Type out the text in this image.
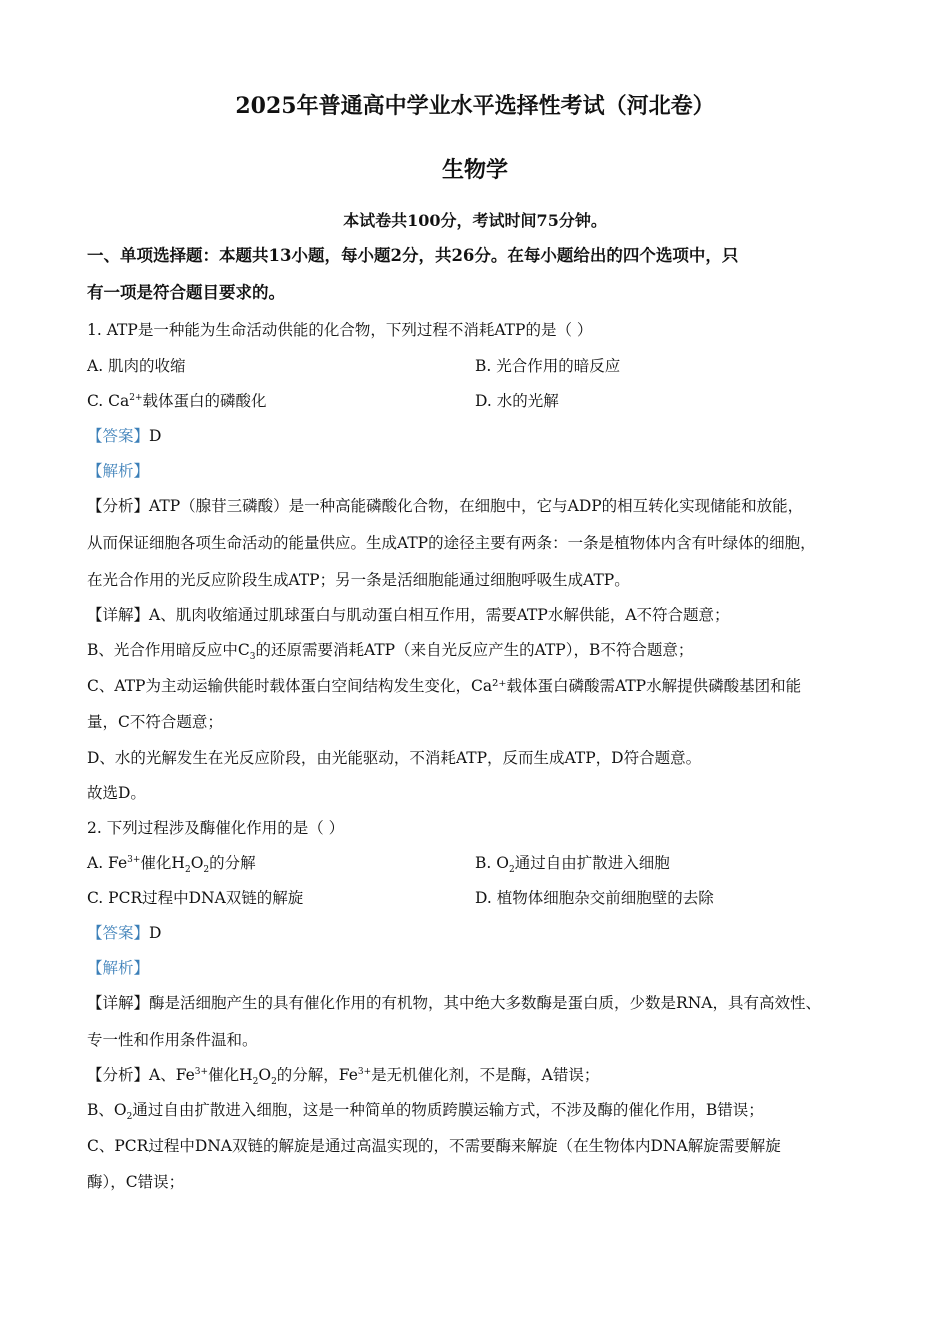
2025年普通高中学业水平选择性考试（河北卷）
生物学
本试卷共100分，考试时间75分钟。
一、单项选择题：本题共13小题，每小题2分，共26分。在每小题给出的四个选项中，只
有一项是符合题目要求的。
1. ATP是一种能为生命活动供能的化合物，下列过程不消耗ATP的是（ ）
A. 肌肉的收缩	B. 光合作用的暗反应
C. $Ca^{2+}$载体蛋白的磷酸化	D. 水的光解
【答案】D
【解析】
【分析】ATP（腺苷三磷酸）是一种高能磷酸化合物，在细胞中，它与ADP的相互转化实现储能和放能，
从而保证细胞各项生命活动的能量供应。生成ATP的途径主要有两条：一条是植物体内含有叶绿体的细胞，
在光合作用的光反应阶段生成ATP；另一条是活细胞能通过细胞呼吸生成ATP。
【详解】A、肌肉收缩通过肌球蛋白与肌动蛋白相互作用，需要ATP水解供能，A不符合题意；
B、光合作用暗反应中$C_3$的还原需要消耗ATP（来自光反应产生的ATP），B不符合题意；
C、ATP为主动运输供能时载体蛋白空间结构发生变化，Ca²⁺载体蛋白磷酸需ATP水解提供磷酸基团和能
量，C不符合题意；
D、水的光解发生在光反应阶段，由光能驱动，不消耗ATP，反而生成ATP，D符合题意。
故选D。
2. 下列过程涉及酶催化作用的是（ ）
A. $Fe^{3+}$催化$H_2O_2$的分解	B. $O_2$通过自由扩散进入细胞
C. PCR过程中DNA双链的解旋	D. 植物体细胞杂交前细胞壁的去除
【答案】D
【解析】
【详解】酶是活细胞产生的具有催化作用的有机物，其中绝大多数酶是蛋白质，少数是RNA，具有高效性、
专一性和作用条件温和。
【分析】A、$Fe^{3+}$催化$H_2O_2$的分解，$Fe^{3+}$是无机催化剂，不是酶，A错误；
B、$O_2$通过自由扩散进入细胞，这是一种简单的物质跨膜运输方式，不涉及酶的催化作用，B错误；
C、PCR过程中DNA双链的解旋是通过高温实现的，不需要酶来解旋（在生物体内DNA解旋需要解旋
酶），C错误；
